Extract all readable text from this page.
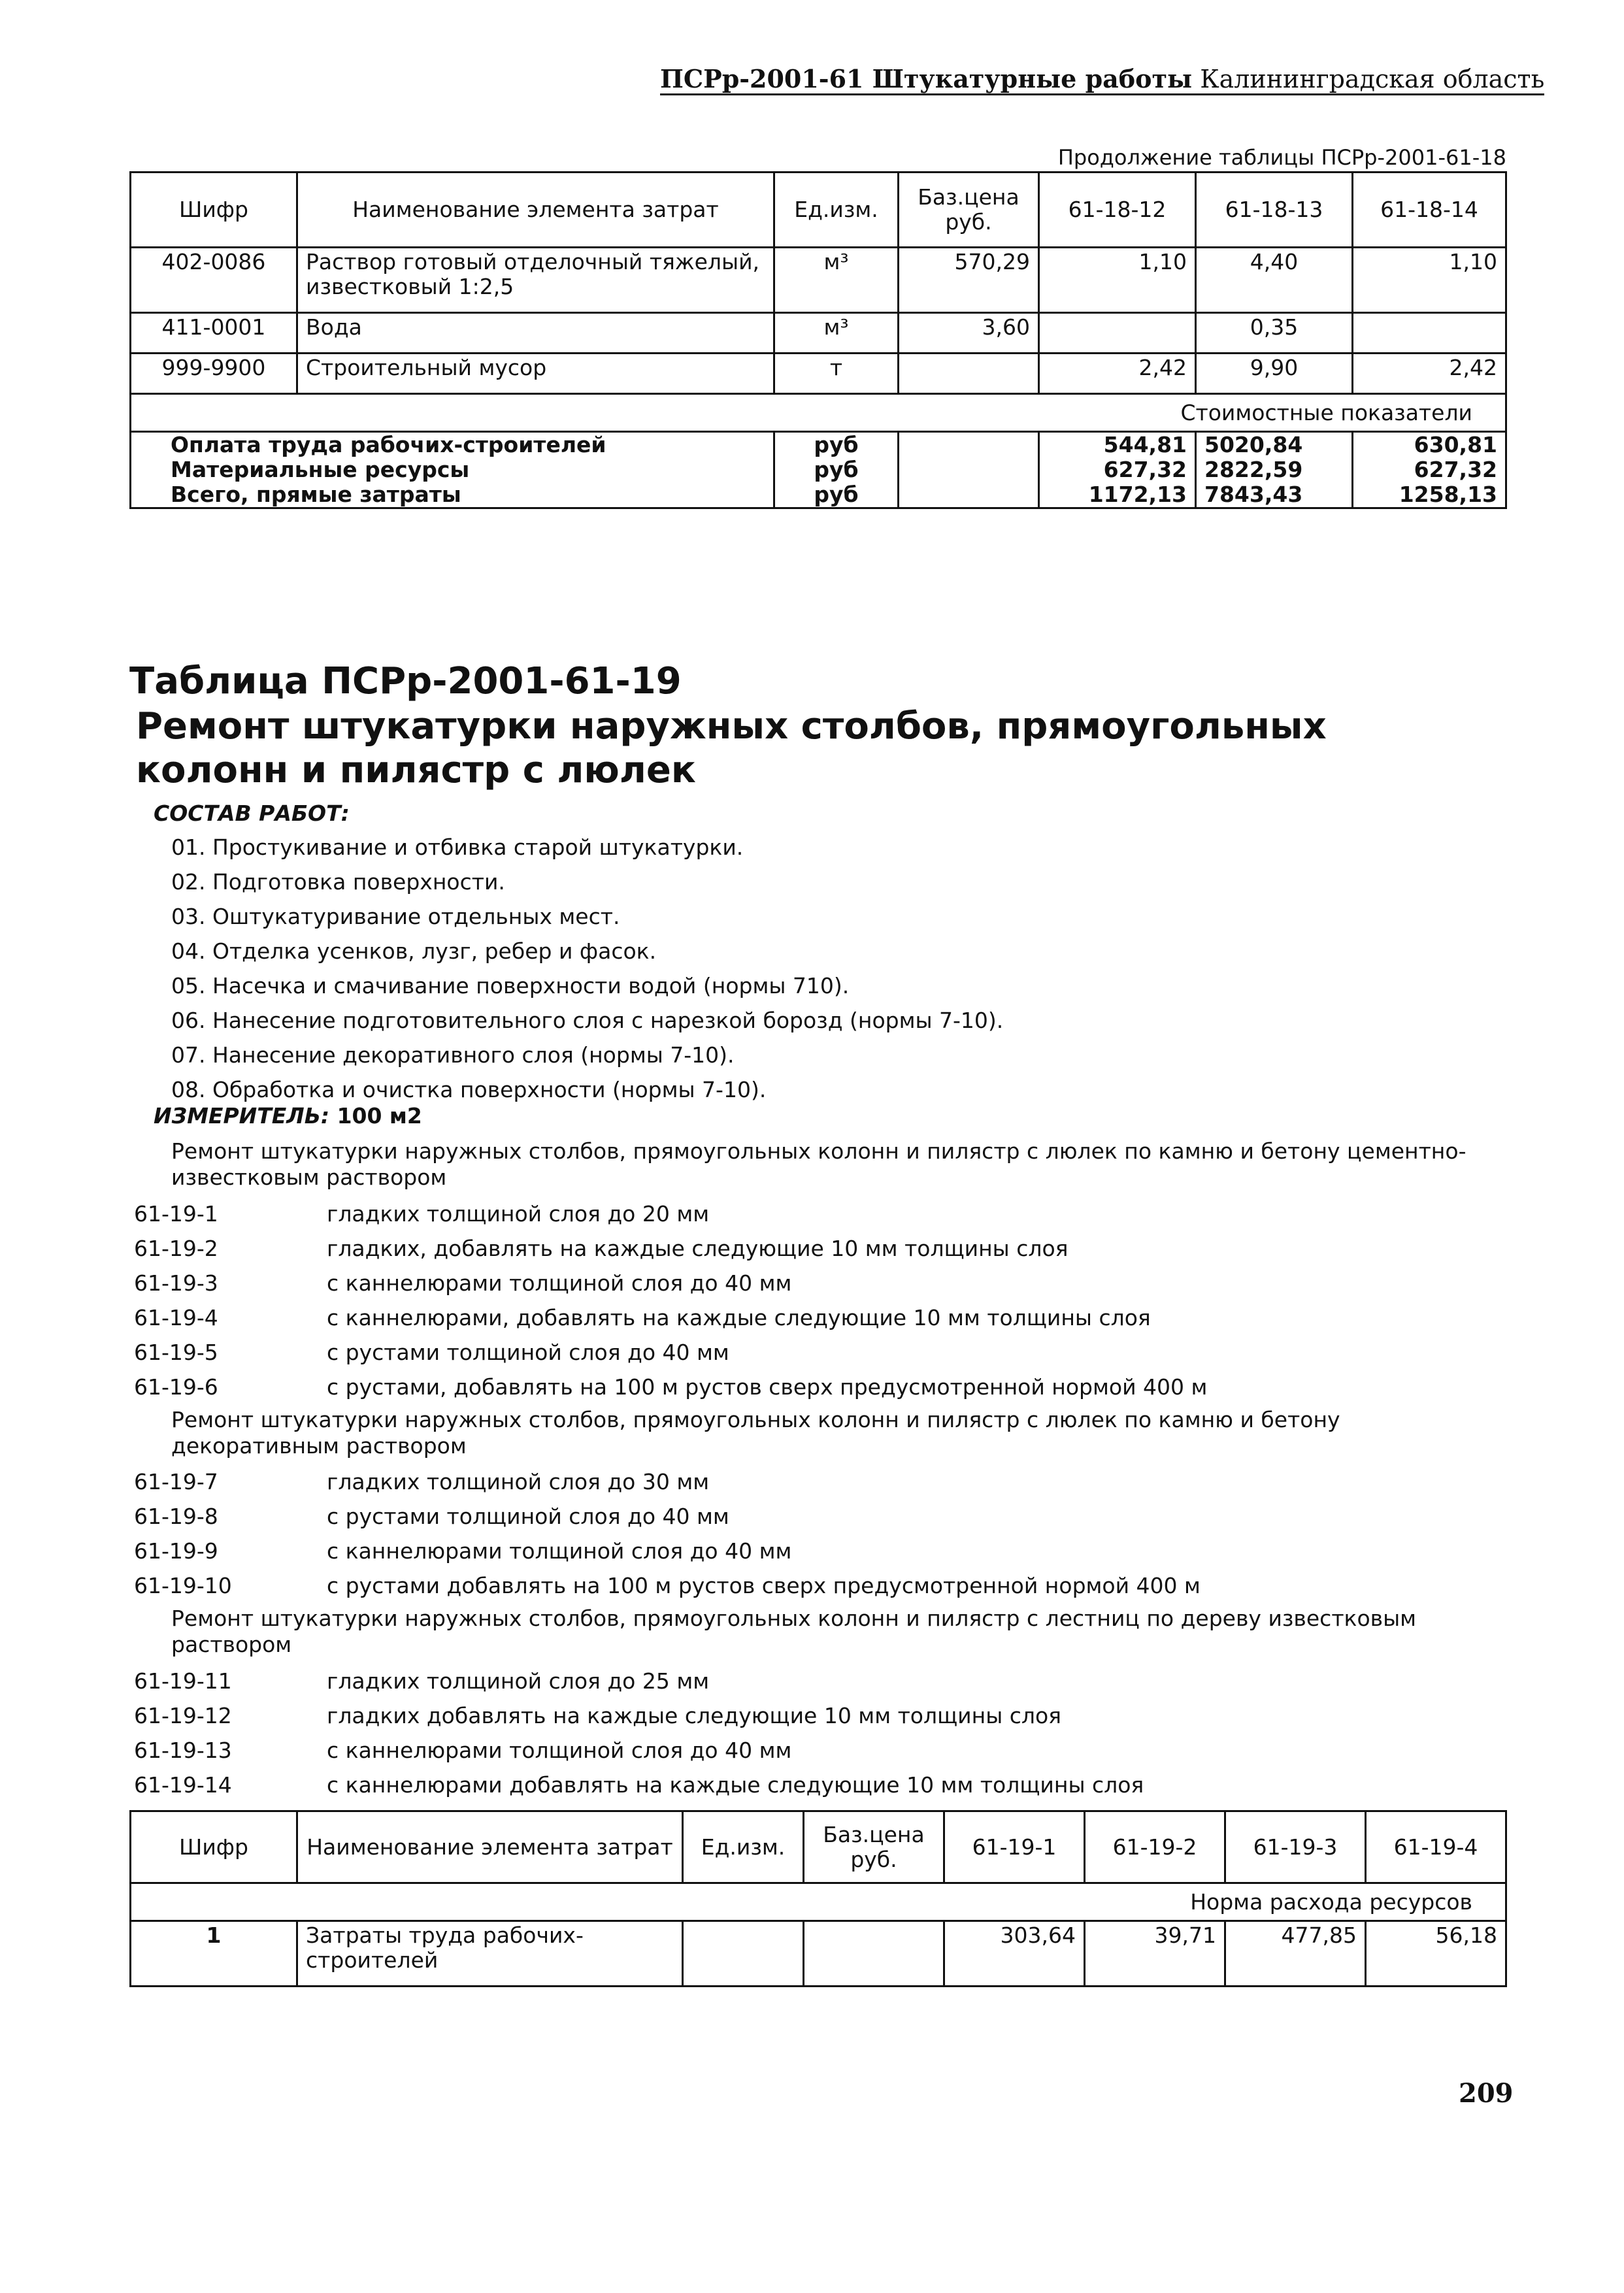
ПСРр-2001-61 Штукатурные работы Калининградская область
Продолжение таблицы ПСРр-2001-61-18
Шифр	Наименование элемента затрат	Ед.изм.	Баз.цена руб.	61-18-12	61-18-13	61-18-14
402-0086	Раствор готовый отделочный тяжелый, известковый 1:2,5	м³	570,29	1,10	4,40	1,10
411-0001	Вода	м³	3,60		0,35	
999-9900	Строительный мусор	т		2,42	9,90	2,42
Стоимостные показатели						
Оплата труда рабочих-строителей		руб		544,81	5020,84	630,81
Материальные ресурсы		руб		627,32	2822,59	627,32
Всего, прямые затраты		руб		1172,13	7843,43	1258,13
Таблица ПСРр-2001-61-19
Ремонт штукатурки наружных столбов, прямоугольных колонн и пилястр с люлек
СОСТАВ РАБОТ:
01. Простукивание и отбивка старой штукатурки.
02. Подготовка поверхности.
03. Оштукатуривание отдельных мест.
04. Отделка усенков, лузг, ребер и фасок.
05. Насечка и смачивание поверхности водой (нормы 710).
06. Нанесение подготовительного слоя с нарезкой борозд (нормы 7-10).
07. Нанесение декоративного слоя (нормы 7-10).
08. Обработка и очистка поверхности (нормы 7-10).
ИЗМЕРИТЕЛЬ: 100 м2
Ремонт штукатурки наружных столбов, прямоугольных колонн и пилястр с люлек по камню и бетону цементно-известковым раствором
61-19-1	гладких толщиной слоя до 20 мм
61-19-2	гладких, добавлять на каждые следующие 10 мм толщины слоя
61-19-3	с каннелюрами толщиной слоя до 40 мм
61-19-4	с каннелюрами, добавлять на каждые следующие 10 мм толщины слоя
61-19-5	с рустами толщиной слоя до 40 мм
61-19-6	с рустами, добавлять на 100 м рустов сверх предусмотренной нормой 400 м
Ремонт штукатурки наружных столбов, прямоугольных колонн и пилястр с люлек по камню и бетону декоративным раствором
61-19-7	гладких толщиной слоя до 30 мм
61-19-8	с рустами толщиной слоя до 40 мм
61-19-9	с каннелюрами толщиной слоя до 40 мм
61-19-10	с рустами добавлять на 100 м рустов сверх предусмотренной нормой 400 м
Ремонт штукатурки наружных столбов, прямоугольных колонн и пилястр с лестниц по дереву известковым раствором
61-19-11	гладких толщиной слоя до 25 мм
61-19-12	гладких добавлять на каждые следующие 10 мм толщины слоя
61-19-13	с каннелюрами толщиной слоя до 40 мм
61-19-14	с каннелюрами добавлять на каждые следующие 10 мм толщины слоя
Шифр	Наименование элемента затрат	Ед.изм.	Баз.цена руб.	61-19-1	61-19-2	61-19-3	61-19-4
Норма расхода ресурсов							
1	Затраты труда рабочих-строителей			303,64	39,71	477,85	56,18
209
